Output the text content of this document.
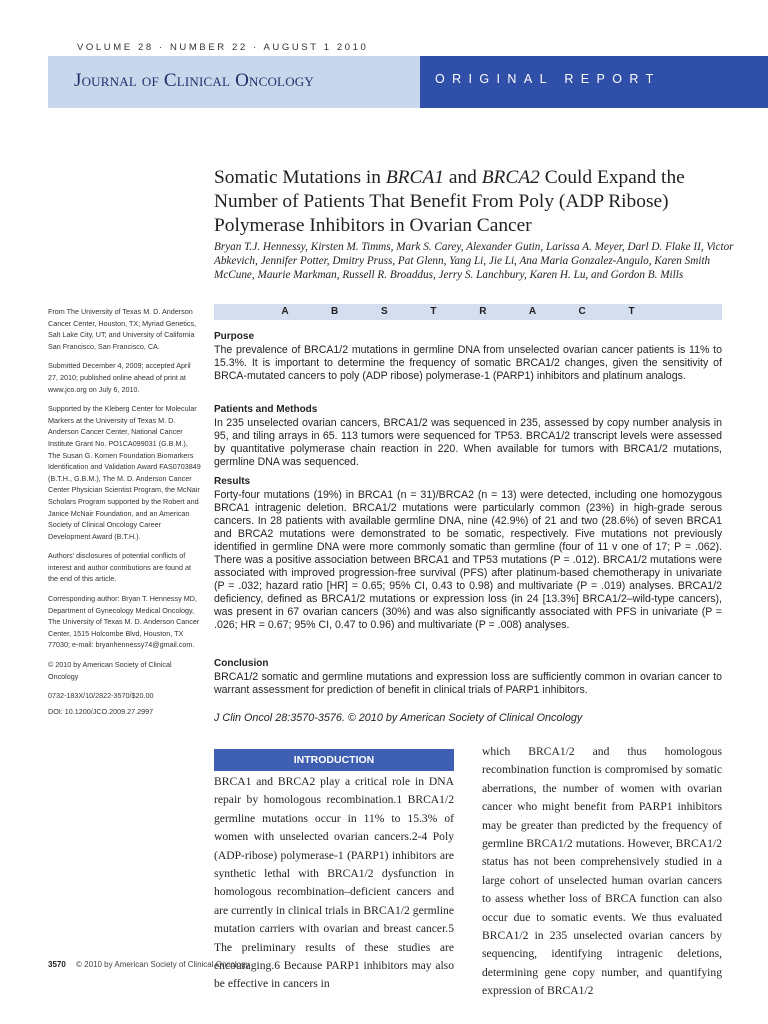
VOLUME 28 · NUMBER 22 · AUGUST 1 2010
Journal of Clinical Oncology	ORIGINAL REPORT
Somatic Mutations in BRCA1 and BRCA2 Could Expand the Number of Patients That Benefit From Poly (ADP Ribose) Polymerase Inhibitors in Ovarian Cancer
Bryan T.J. Hennessy, Kirsten M. Timms, Mark S. Carey, Alexander Gutin, Larissa A. Meyer, Darl D. Flake II, Victor Abkevich, Jennifer Potter, Dmitry Pruss, Pat Glenn, Yang Li, Jie Li, Ana Maria Gonzalez-Angulo, Karen Smith McCune, Maurie Markman, Russell R. Broaddus, Jerry S. Lanchbury, Karen H. Lu, and Gordon B. Mills

From The University of Texas M. D. Anderson Cancer Center, Houston, TX; Myriad Genetics, Salt Lake City, UT; and University of California San Francisco, San Francisco, CA.

Submitted December 4, 2009; accepted April 27, 2010; published online ahead of print at www.jco.org on July 6, 2010.

Supported by the Kleberg Center for Molecular Markers at the University of Texas M. D. Anderson Cancer Center, National Cancer Institute Grant No. PO1CA099031 (G.B.M.), The Susan G. Komen Foundation Biomarkers Identification and Validation Award FAS0703849 (B.T.H., G.B.M.), The M. D. Anderson Cancer Center Physician Scientist Program, the McNair Scholars Program supported by the Robert and Janice McNair Foundation, and an American Society of Clinical Oncology Career Development Award (B.T.H.).

Authors' disclosures of potential conflicts of interest and author contributions are found at the end of this article.

Corresponding author: Bryan T. Hennessy MD, Department of Gynecology Medical Oncology, The University of Texas M. D. Anderson Cancer Center, 1515 Holcombe Blvd, Houston, TX 77030; e-mail: bryanhennessy74@gmail.com.

© 2010 by American Society of Clinical Oncology

0732-183X/10/2822-3570/$20.00

DOI: 10.1200/JCO.2009.27.2997

A B S T R A C T
Purpose

The prevalence of BRCA1/2 mutations in germline DNA from unselected ovarian cancer patients is 11% to 15.3%. It is important to determine the frequency of somatic BRCA1/2 changes, given the sensitivity of BRCA-mutated cancers to poly (ADP ribose) polymerase-1 (PARP1) inhibitors and platinum analogs.

Patients and Methods

In 235 unselected ovarian cancers, BRCA1/2 was sequenced in 235, assessed by copy number analysis in 95, and tiling arrays in 65. 113 tumors were sequenced for TP53. BRCA1/2 transcript levels were assessed by quantitative polymerase chain reaction in 220. When available for tumors with BRCA1/2 mutations, germline DNA was sequenced.

Results

Forty-four mutations (19%) in BRCA1 (n = 31)/BRCA2 (n = 13) were detected, including one homozygous BRCA1 intragenic deletion. BRCA1/2 mutations were particularly common (23%) in high-grade serous cancers. In 28 patients with available germline DNA, nine (42.9%) of 21 and two (28.6%) of seven BRCA1 and BRCA2 mutations were demonstrated to be somatic, respectively. Five mutations not previously identified in germline DNA were more commonly somatic than germline (four of 11 v one of 17; P = .062). There was a positive association between BRCA1 and TP53 mutations (P = .012). BRCA1/2 mutations were associated with improved progression-free survival (PFS) after platinum-based chemotherapy in univariate (P = .032; hazard ratio [HR] = 0.65; 95% CI, 0.43 to 0.98) and multivariate (P = .019) analyses. BRCA1/2 deficiency, defined as BRCA1/2 mutations or expression loss (in 24 [13.3%] BRCA1/2–wild-type cancers), was present in 67 ovarian cancers (30%) and was also significantly associated with PFS in univariate (P = .026; HR = 0.67; 95% CI, 0.47 to 0.96) and multivariate (P = .008) analyses.

Conclusion

BRCA1/2 somatic and germline mutations and expression loss are sufficiently common in ovarian cancer to warrant assessment for prediction of benefit in clinical trials of PARP1 inhibitors.

J Clin Oncol 28:3570-3576. © 2010 by American Society of Clinical Oncology
INTRODUCTION
BRCA1 and BRCA2 play a critical role in DNA repair by homologous recombination.1 BRCA1/2 germline mutations occur in 11% to 15.3% of women with unselected ovarian cancers.2-4 Poly (ADP-ribose) polymerase-1 (PARP1) inhibitors are synthetic lethal with BRCA1/2 dysfunction in homologous recombination–deficient cancers and are currently in clinical trials in BRCA1/2 germline mutation carriers with ovarian and breast cancer.5 The preliminary results of these studies are encouraging.6 Because PARP1 inhibitors may also be effective in cancers in
which BRCA1/2 and thus homologous recombination function is compromised by somatic aberrations, the number of women with ovarian cancer who might benefit from PARP1 inhibitors may be greater than predicted by the frequency of germline BRCA1/2 mutations. However, BRCA1/2 status has not been comprehensively studied in a large cohort of unselected human ovarian cancers to assess whether loss of BRCA function can also occur due to somatic events. We thus evaluated BRCA1/2 in 235 unselected ovarian cancers by sequencing, identifying intragenic deletions, determining gene copy number, and quantifying expression of BRCA1/2
3570 © 2010 by American Society of Clinical Oncology
